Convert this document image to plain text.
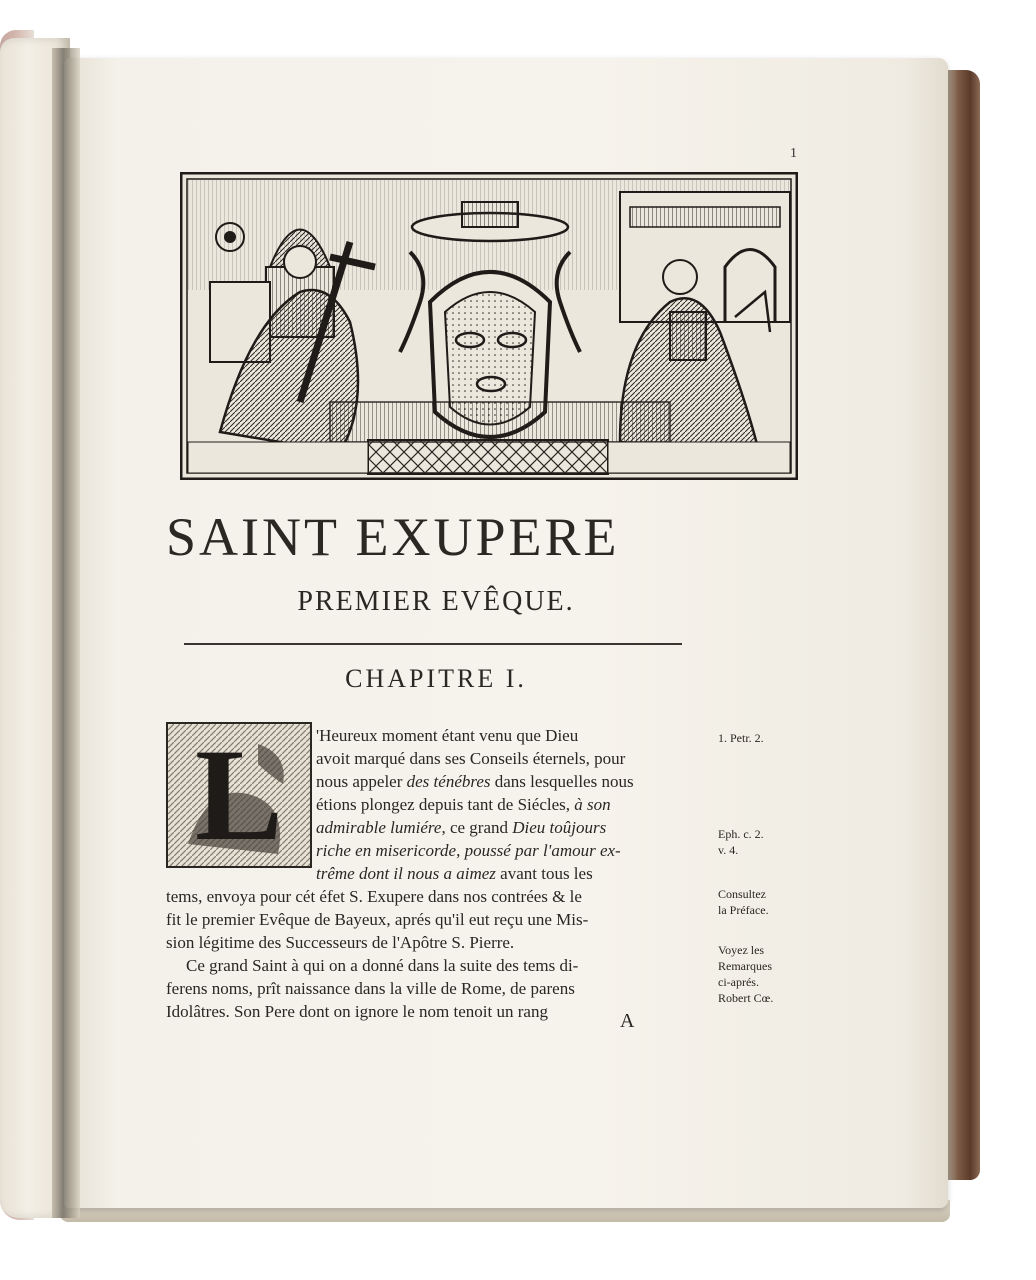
1
SAINT EXUPERE
PREMIER EVÊQUE.
CHAPITRE I.
L	'Heureux moment étant venu que Dieu
avoit marqué dans ses Conseils éternels, pour
nous appeler des ténébres dans lesquelles nous
étions plongez depuis tant de Siécles, à son
admirable lumiére, ce grand Dieu toûjours
riche en misericorde, poussé par l'amour ex-
trême dont il nous a aimez avant tous les
tems, envoya pour cét éfet S. Exupere dans nos contrées & le
fit le premier Evêque de Bayeux, aprés qu'il eut reçu une Mis-
sion légitime des Successeurs de l'Apôtre S. Pierre.
Ce grand Saint à qui on a donné dans la suite des tems di-
ferens noms, prît naissance dans la ville de Rome, de parens
Idolâtres. Son Pere dont on ignore le nom tenoit un rang
1. Petr. 2.
Eph. c. 2.
v. 4.
Consultez
la Préface.
Voyez les
Remarques
ci-aprés.
Robert Cœ.
A
